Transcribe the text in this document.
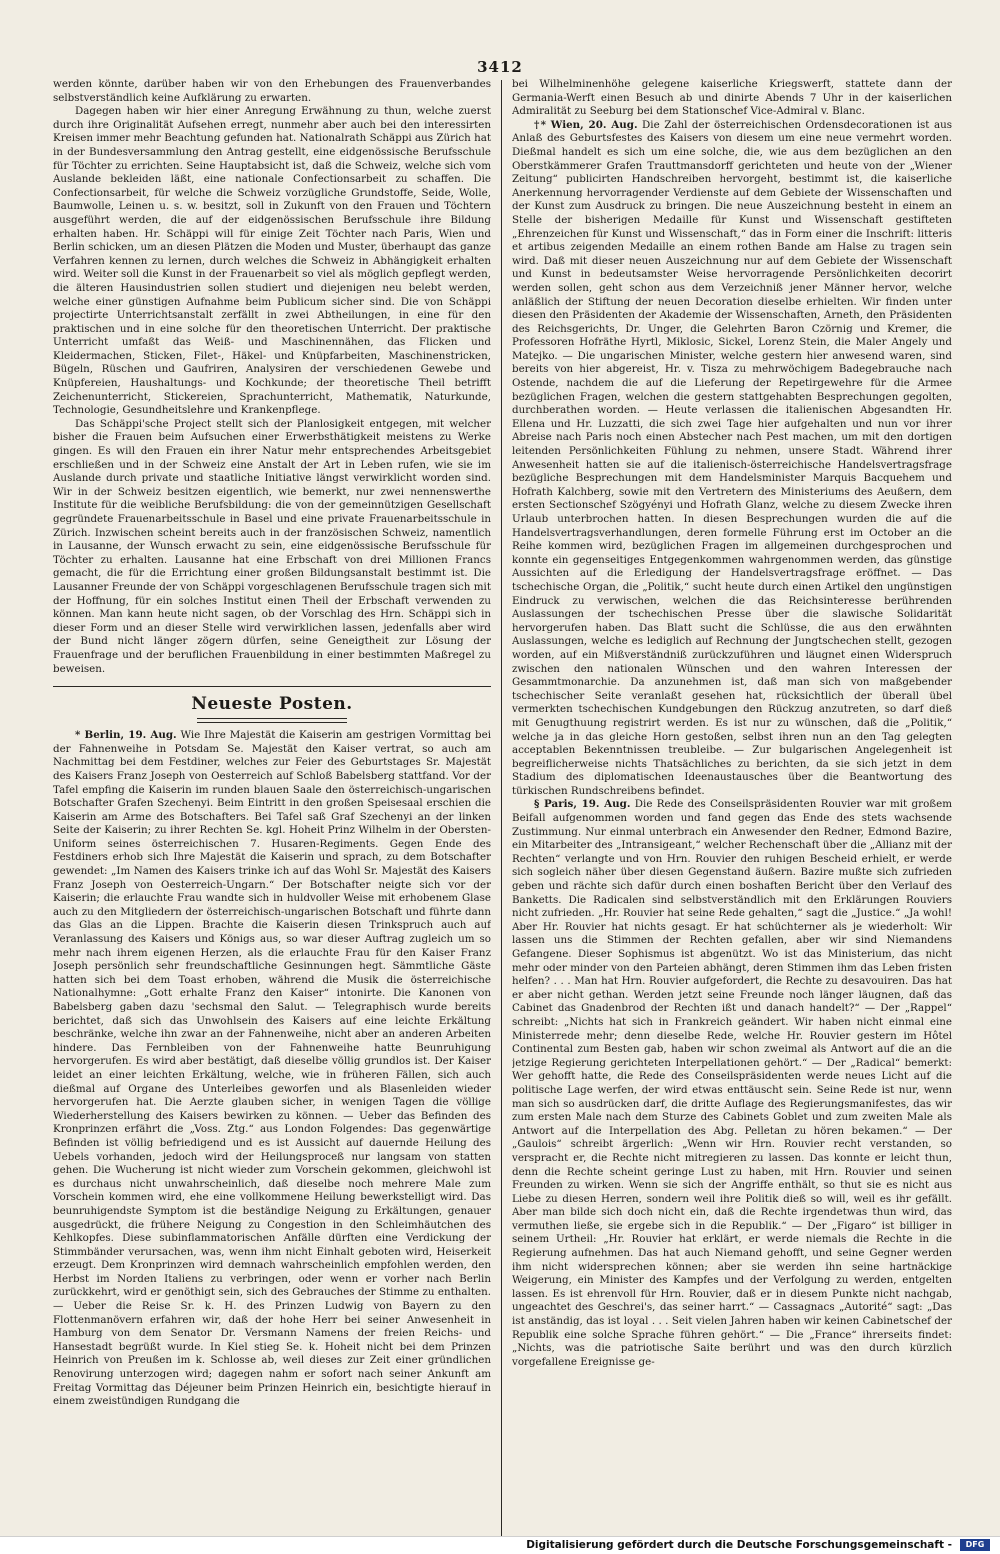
3412

werden könnte, darüber haben wir von den Erhebungen des Frauenverbandes selbstverständlich keine Aufklärung zu erwarten.

Dagegen haben wir hier einer Anregung Erwähnung zu thun, welche zuerst durch ihre Originalität Aufsehen erregt, nunmehr aber auch bei den interessirten Kreisen immer mehr Beachtung gefunden hat. Nationalrath Schäppi aus Zürich hat in der Bundesversammlung den Antrag gestellt, eine eidgenössische Berufsschule für Töchter zu errichten. Seine Hauptabsicht ist, daß die Schweiz, welche sich vom Auslande bekleiden läßt, eine nationale Confectionsarbeit zu schaffen. Die Confectionsarbeit, für welche die Schweiz vorzügliche Grundstoffe, Seide, Wolle, Baumwolle, Leinen u. s. w. besitzt, soll in Zukunft von den Frauen und Töchtern ausgeführt werden, die auf der eidgenössischen Berufsschule ihre Bildung erhalten haben. Hr. Schäppi will für einige Zeit Töchter nach Paris, Wien und Berlin schicken, um an diesen Plätzen die Moden und Muster, überhaupt das ganze Verfahren kennen zu lernen, durch welches die Schweiz in Abhängigkeit erhalten wird. Weiter soll die Kunst in der Frauenarbeit so viel als möglich gepflegt werden, die älteren Hausindustrien sollen studiert und diejenigen neu belebt werden, welche einer günstigen Aufnahme beim Publicum sicher sind. Die von Schäppi projectirte Unterrichtsanstalt zerfällt in zwei Abtheilungen, in eine für den praktischen und in eine solche für den theoretischen Unterricht. Der praktische Unterricht umfaßt das Weiß- und Maschinennähen, das Flicken und Kleidermachen, Sticken, Filet-, Häkel- und Knüpfarbeiten, Maschinenstricken, Bügeln, Rüschen und Gaufriren, Analysiren der verschiedenen Gewebe und Knüpfereien, Haushaltungs- und Kochkunde; der theoretische Theil betrifft Zeichenunterricht, Stickereien, Sprachunterricht, Mathematik, Naturkunde, Technologie, Gesundheitslehre und Krankenpflege.

Das Schäppi'sche Project stellt sich der Planlosigkeit entgegen, mit welcher bisher die Frauen beim Aufsuchen einer Erwerbsthätigkeit meistens zu Werke gingen. Es will den Frauen ein ihrer Natur mehr entsprechendes Arbeitsgebiet erschließen und in der Schweiz eine Anstalt der Art in Leben rufen, wie sie im Auslande durch private und staatliche Initiative längst verwirklicht worden sind. Wir in der Schweiz besitzen eigentlich, wie bemerkt, nur zwei nennenswerthe Institute für die weibliche Berufsbildung: die von der gemeinnützigen Gesellschaft gegründete Frauenarbeitsschule in Basel und eine private Frauenarbeitsschule in Zürich. Inzwischen scheint bereits auch in der französischen Schweiz, namentlich in Lausanne, der Wunsch erwacht zu sein, eine eidgenössische Berufsschule für Töchter zu erhalten. Lausanne hat eine Erbschaft von drei Millionen Francs gemacht, die für die Errichtung einer großen Bildungsanstalt bestimmt ist. Die Lausanner Freunde der von Schäppi vorgeschlagenen Berufsschule tragen sich mit der Hoffnung, für ein solches Institut einen Theil der Erbschaft verwenden zu können. Man kann heute nicht sagen, ob der Vorschlag des Hrn. Schäppi sich in dieser Form und an dieser Stelle wird verwirklichen lassen, jedenfalls aber wird der Bund nicht länger zögern dürfen, seine Geneigtheit zur Lösung der Frauenfrage und der beruflichen Frauenbildung in einer bestimmten Maßregel zu beweisen.

Neueste Posten.

* Berlin, 19. Aug. Wie Ihre Majestät die Kaiserin am gestrigen Vormittag bei der Fahnenweihe in Potsdam Se. Majestät den Kaiser vertrat, so auch am Nachmittag bei dem Festdiner, welches zur Feier des Geburtstages Sr. Majestät des Kaisers Franz Joseph von Oesterreich auf Schloß Babelsberg stattfand. Vor der Tafel empfing die Kaiserin im runden blauen Saale den österreichisch-ungarischen Botschafter Grafen Szechenyi. Beim Eintritt in den großen Speisesaal erschien die Kaiserin am Arme des Botschafters. Bei Tafel saß Graf Szechenyi an der linken Seite der Kaiserin; zu ihrer Rechten Se. kgl. Hoheit Prinz Wilhelm in der Obersten-Uniform seines österreichischen 7. Husaren-Regiments. Gegen Ende des Festdiners erhob sich Ihre Majestät die Kaiserin und sprach, zu dem Botschafter gewendet: „Im Namen des Kaisers trinke ich auf das Wohl Sr. Majestät des Kaisers Franz Joseph von Oesterreich-Ungarn.“ Der Botschafter neigte sich vor der Kaiserin; die erlauchte Frau wandte sich in huldvoller Weise mit erhobenem Glase auch zu den Mitgliedern der österreichisch-ungarischen Botschaft und führte dann das Glas an die Lippen. Brachte die Kaiserin diesen Trinkspruch auch auf Veranlassung des Kaisers und Königs aus, so war dieser Auftrag zugleich um so mehr nach ihrem eigenen Herzen, als die erlauchte Frau für den Kaiser Franz Joseph persönlich sehr freundschaftliche Gesinnungen hegt. Sämmtliche Gäste hatten sich bei dem Toast erhoben, während die Musik die österreichische Nationalhymne: „Gott erhalte Franz den Kaiser“ intonirte. Die Kanonen von Babelsberg gaben dazu 'sechsmal den Salut. — Telegraphisch wurde bereits berichtet, daß sich das Unwohlsein des Kaisers auf eine leichte Erkältung beschränke, welche ihn zwar an der Fahnenweihe, nicht aber an anderen Arbeiten hindere. Das Fernbleiben von der Fahnenweihe hatte Beunruhigung hervorgerufen. Es wird aber bestätigt, daß dieselbe völlig grundlos ist. Der Kaiser leidet an einer leichten Erkältung, welche, wie in früheren Fällen, sich auch dießmal auf Organe des Unterleibes geworfen und als Blasenleiden wieder hervorgerufen hat. Die Aerzte glauben sicher, in wenigen Tagen die völlige Wiederherstellung des Kaisers bewirken zu können. — Ueber das Befinden des Kronprinzen erfährt die „Voss. Ztg.“ aus London Folgendes: Das gegenwärtige Befinden ist völlig befriedigend und es ist Aussicht auf dauernde Heilung des Uebels vorhanden, jedoch wird der Heilungsproceß nur langsam von statten gehen. Die Wucherung ist nicht wieder zum Vorschein gekommen, gleichwohl ist es durchaus nicht unwahrscheinlich, daß dieselbe noch mehrere Male zum Vorschein kommen wird, ehe eine vollkommene Heilung bewerkstelligt wird. Das beunruhigendste Symptom ist die beständige Neigung zu Erkältungen, genauer ausgedrückt, die frühere Neigung zu Congestion in den Schleimhäutchen des Kehlkopfes. Diese subinflammatorischen Anfälle dürften eine Verdickung der Stimmbänder verursachen, was, wenn ihm nicht Einhalt geboten wird, Heiserkeit erzeugt. Dem Kronprinzen wird demnach wahrscheinlich empfohlen werden, den Herbst im Norden Italiens zu verbringen, oder wenn er vorher nach Berlin zurückkehrt, wird er genöthigt sein, sich des Gebrauches der Stimme zu enthalten. — Ueber die Reise Sr. k. H. des Prinzen Ludwig von Bayern zu den Flottenmanövern erfahren wir, daß der hohe Herr bei seiner Anwesenheit in Hamburg von dem Senator Dr. Versmann Namens der freien Reichs- und Hansestadt begrüßt wurde. In Kiel stieg Se. k. Hoheit nicht bei dem Prinzen Heinrich von Preußen im k. Schlosse ab, weil dieses zur Zeit einer gründlichen Renovirung unterzogen wird; dagegen nahm er sofort nach seiner Ankunft am Freitag Vormittag das Déjeuner beim Prinzen Heinrich ein, besichtigte hierauf in einem zweistündigen Rundgang die

bei Wilhelminenhöhe gelegene kaiserliche Kriegswerft, stattete dann der Germania-Werft einen Besuch ab und dinirte Abends 7 Uhr in der kaiserlichen Admiralität zu Seeburg bei dem Stationschef Vice-Admiral v. Blanc.

†* Wien, 20. Aug. Die Zahl der österreichischen Ordensdecorationen ist aus Anlaß des Geburtsfestes des Kaisers von diesem um eine neue vermehrt worden. Dießmal handelt es sich um eine solche, die, wie aus dem bezüglichen an den Oberstkämmerer Grafen Trauttmansdorff gerichteten und heute von der „Wiener Zeitung“ publicirten Handschreiben hervorgeht, bestimmt ist, die kaiserliche Anerkennung hervorragender Verdienste auf dem Gebiete der Wissenschaften und der Kunst zum Ausdruck zu bringen. Die neue Auszeichnung besteht in einem an Stelle der bisherigen Medaille für Kunst und Wissenschaft gestifteten „Ehrenzeichen für Kunst und Wissenschaft,“ das in Form einer die Inschrift: litteris et artibus zeigenden Medaille an einem rothen Bande am Halse zu tragen sein wird. Daß mit dieser neuen Auszeichnung nur auf dem Gebiete der Wissenschaft und Kunst in bedeutsamster Weise hervorragende Persönlichkeiten decorirt werden sollen, geht schon aus dem Verzeichniß jener Männer hervor, welche anläßlich der Stiftung der neuen Decoration dieselbe erhielten. Wir finden unter diesen den Präsidenten der Akademie der Wissenschaften, Arneth, den Präsidenten des Reichsgerichts, Dr. Unger, die Gelehrten Baron Czörnig und Kremer, die Professoren Hofräthe Hyrtl, Miklosic, Sickel, Lorenz Stein, die Maler Angely und Matejko. — Die ungarischen Minister, welche gestern hier anwesend waren, sind bereits von hier abgereist, Hr. v. Tisza zu mehrwöchigem Badegebrauche nach Ostende, nachdem die auf die Lieferung der Repetirgewehre für die Armee bezüglichen Fragen, welchen die gestern stattgehabten Besprechungen gegolten, durchberathen worden. — Heute verlassen die italienischen Abgesandten Hr. Ellena und Hr. Luzzatti, die sich zwei Tage hier aufgehalten und nun vor ihrer Abreise nach Paris noch einen Abstecher nach Pest machen, um mit den dortigen leitenden Persönlichkeiten Fühlung zu nehmen, unsere Stadt. Während ihrer Anwesenheit hatten sie auf die italienisch-österreichische Handelsvertragsfrage bezügliche Besprechungen mit dem Handelsminister Marquis Bacquehem und Hofrath Kalchberg, sowie mit den Vertretern des Ministeriums des Aeußern, dem ersten Sectionschef Szögyényi und Hofrath Glanz, welche zu diesem Zwecke ihren Urlaub unterbrochen hatten. In diesen Besprechungen wurden die auf die Handelsvertragsverhandlungen, deren formelle Führung erst im October an die Reihe kommen wird, bezüglichen Fragen im allgemeinen durchgesprochen und konnte ein gegenseitiges Entgegenkommen wahrgenommen werden, das günstige Aussichten auf die Erledigung der Handelsvertragsfrage eröffnet. — Das tschechische Organ, die „Politik,“ sucht heute durch einen Artikel den ungünstigen Eindruck zu verwischen, welchen die das Reichsinteresse berührenden Auslassungen der tschechischen Presse über die slawische Solidarität hervorgerufen haben. Das Blatt sucht die Schlüsse, die aus den erwähnten Auslassungen, welche es lediglich auf Rechnung der Jungtschechen stellt, gezogen worden, auf ein Mißverständniß zurückzuführen und läugnet einen Widerspruch zwischen den nationalen Wünschen und den wahren Interessen der Gesammtmonarchie. Da anzunehmen ist, daß man sich von maßgebender tschechischer Seite veranlaßt gesehen hat, rücksichtlich der überall übel vermerkten tschechischen Kundgebungen den Rückzug anzutreten, so darf dieß mit Genugthuung registrirt werden. Es ist nur zu wünschen, daß die „Politik,“ welche ja in das gleiche Horn gestoßen, selbst ihren nun an den Tag gelegten acceptablen Bekenntnissen treubleibe. — Zur bulgarischen Angelegenheit ist begreiflicherweise nichts Thatsächliches zu berichten, da sie sich jetzt in dem Stadium des diplomatischen Ideenaustausches über die Beantwortung des türkischen Rundschreibens befindet.

§ Paris, 19. Aug. Die Rede des Conseilspräsidenten Rouvier war mit großem Beifall aufgenommen worden und fand gegen das Ende des stets wachsende Zustimmung. Nur einmal unterbrach ein Anwesender den Redner, Edmond Bazire, ein Mitarbeiter des „Intransigeant,“ welcher Rechenschaft über die „Allianz mit der Rechten“ verlangte und von Hrn. Rouvier den ruhigen Bescheid erhielt, er werde sich sogleich näher über diesen Gegenstand äußern. Bazire mußte sich zufrieden geben und rächte sich dafür durch einen boshaften Bericht über den Verlauf des Banketts. Die Radicalen sind selbstverständlich mit den Erklärungen Rouviers nicht zufrieden. „Hr. Rouvier hat seine Rede gehalten,“ sagt die „Justice.“ „Ja wohl! Aber Hr. Rouvier hat nichts gesagt. Er hat schüchterner als je wiederholt: Wir lassen uns die Stimmen der Rechten gefallen, aber wir sind Niemandens Gefangene. Dieser Sophismus ist abgenützt. Wo ist das Ministerium, das nicht mehr oder minder von den Parteien abhängt, deren Stimmen ihm das Leben fristen helfen? . . . Man hat Hrn. Rouvier aufgefordert, die Rechte zu desavouiren. Das hat er aber nicht gethan. Werden jetzt seine Freunde noch länger läugnen, daß das Cabinet das Gnadenbrod der Rechten ißt und danach handelt?“ — Der „Rappel“ schreibt: „Nichts hat sich in Frankreich geändert. Wir haben nicht einmal eine Ministerrede mehr; denn dieselbe Rede, welche Hr. Rouvier gestern im Hôtel Continental zum Besten gab, haben wir schon zweimal als Antwort auf die an die jetzige Regierung gerichteten Interpellationen gehört.“ — Der „Radical“ bemerkt: Wer gehofft hatte, die Rede des Conseilspräsidenten werde neues Licht auf die politische Lage werfen, der wird etwas enttäuscht sein. Seine Rede ist nur, wenn man sich so ausdrücken darf, die dritte Auflage des Regierungsmanifestes, das wir zum ersten Male nach dem Sturze des Cabinets Goblet und zum zweiten Male als Antwort auf die Interpellation des Abg. Pelletan zu hören bekamen.“ — Der „Gaulois“ schreibt ärgerlich: „Wenn wir Hrn. Rouvier recht verstanden, so verspracht er, die Rechte nicht mitregieren zu lassen. Das konnte er leicht thun, denn die Rechte scheint geringe Lust zu haben, mit Hrn. Rouvier und seinen Freunden zu wirken. Wenn sie sich der Angriffe enthält, so thut sie es nicht aus Liebe zu diesen Herren, sondern weil ihre Politik dieß so will, weil es ihr gefällt. Aber man bilde sich doch nicht ein, daß die Rechte irgendetwas thun wird, das vermuthen ließe, sie ergebe sich in die Republik.“ — Der „Figaro“ ist billiger in seinem Urtheil: „Hr. Rouvier hat erklärt, er werde niemals die Rechte in die Regierung aufnehmen. Das hat auch Niemand gehofft, und seine Gegner werden ihm nicht widersprechen können; aber sie werden ihn seine hartnäckige Weigerung, ein Minister des Kampfes und der Verfolgung zu werden, entgelten lassen. Es ist ehrenvoll für Hrn. Rouvier, daß er in diesem Punkte nicht nachgab, ungeachtet des Geschrei's, das seiner harrt.“ — Cassagnacs „Autorité“ sagt: „Das ist anständig, das ist loyal . . . Seit vielen Jahren haben wir keinen Cabinetschef der Republik eine solche Sprache führen gehört.“ — Die „France“ ihrerseits findet: „Nichts, was die patriotische Saite berührt und was den durch kürzlich vorgefallene Ereignisse ge-

Digitalisierung gefördert durch die Deutsche Forschungsgemeinschaft -	DFG
